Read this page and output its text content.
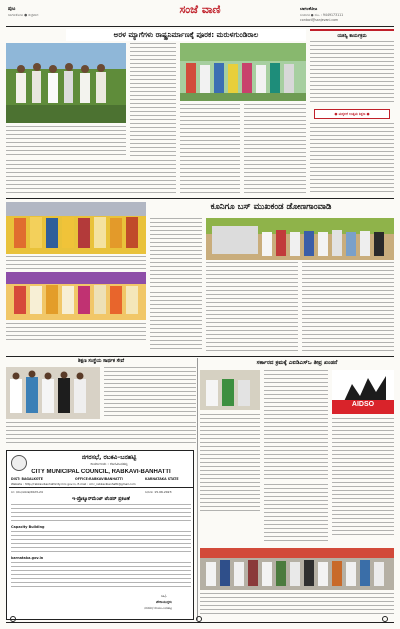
ಪುಟ
ಬಾಗಲಕೋಟ ● ಶುಕ್ರವಾರ	ಸಂಜೆ ವಾಣಿ	ಬಾಗಲಕೋಟ
ಸಂಪಾದಕ ● ಮೊ. : 9449173111
contact@sanjevani.com
ಅರಳ ಮ್ಯಾಗೆಗಳು ರಾಷ್ಟ್ರನಿರ್ಮಾಣಕ್ಕೆ ಪೂರಕ: ಮರುಳಗುಂಡಿರಾಲ	ಯಶಸ್ವಿ ಕಾರ್ಯಕ್ರಮ
● ಮಕ್ಕಳಿಗೆ ಉತ್ತಮ ಶಿಕ್ಷಣ ●
ಕೂನಿಗೂ ಬಸ್ ಮುಖಕಂಡ ಡೋಣಗಾಂವಾಡಿ
ಶಿಕ್ಷಣ ಸಂಸ್ಥೆಯ ಸಾರ್ಥಕ ಸೇವೆ	ಸರ್ಕಾರದ ಕ್ರಮಕ್ಕೆ ಎಐಡಿಎಸ್ಒ ತೀವ್ರ ಖಂಡನೆ
AIDSO
ನಗರಸಭೆ, ರಬಕವಿ–ಬನಹಟ್ಟಿ
ಕಾರ್ಯಾಲಯ : ರಬಕವಿಬನಹಟ್ಟಿ
CITY MUNICIPAL COUNCIL, RABKAVI-BANHATTI
DIST: BAGALKOTE	OFFICE:RABKAVIBANHATTI	KARNATAKA STATE
Website : http://rabkavibanhatticity.mrc.gov.in, E-mail : cmc_rabkavibanhatti@gmail.com
ಸಂ: ನರಬ/ಆಡಳಿತ/2023-24	ದಿನಾಂಕ: 15.06.2023
ಇ-ಪ್ರೊಕ್ಯೂರ್‌ಮೆಂಟ್ ಟೆಂಡರ್ ಪ್ರಕಟಣೆ
Capacity Building
karnataka.gov.in
ಸಹಿ/-
ಪೌರಾಯುಕ್ತರು
ನಗರಸಭೆ ರಬಕವಿ–ಬನಹಟ್ಟಿ
